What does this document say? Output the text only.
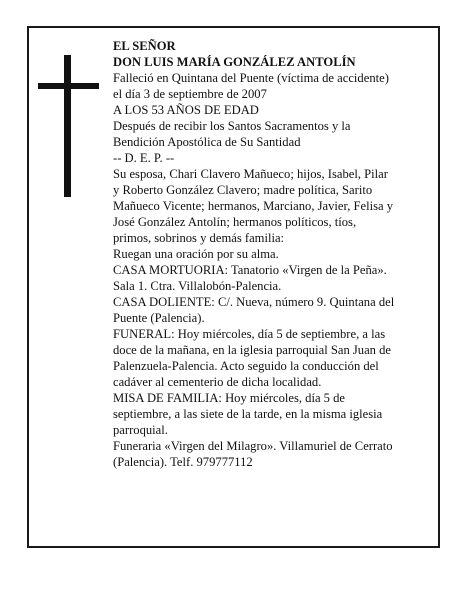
EL SEÑOR

DON LUIS MARÍA GONZÁLEZ ANTOLÍN

Falleció en Quintana del Puente (víctima de accidente)

el día 3 de septiembre de 2007

A LOS 53 AÑOS DE EDAD

Después de recibir los Santos Sacramentos y la

Bendición Apostólica de Su Santidad

-- D. E. P. --

Su esposa, Chari Clavero Mañueco; hijos, Isabel, Pilar

y Roberto González Clavero; madre política, Sarito

Mañueco Vicente; hermanos, Marciano, Javier, Felisa y

José González Antolín; hermanos políticos, tíos,

primos, sobrinos y demás familia:

Ruegan una oración por su alma.

CASA MORTUORIA: Tanatorio «Virgen de la Peña».

Sala 1. Ctra. Villalobón-Palencia.

CASA DOLIENTE: C/. Nueva, número 9. Quintana del

Puente (Palencia).

FUNERAL: Hoy miércoles, día 5 de septiembre, a las

doce de la mañana, en la iglesia parroquial San Juan de

Palenzuela-Palencia. Acto seguido la conducción del

cadáver al cementerio de dicha localidad.

MISA DE FAMILIA: Hoy miércoles, día 5 de

septiembre, a las siete de la tarde, en la misma iglesia

parroquial.

Funeraria «Virgen del Milagro». Villamuriel de Cerrato

(Palencia). Telf. 979777112
